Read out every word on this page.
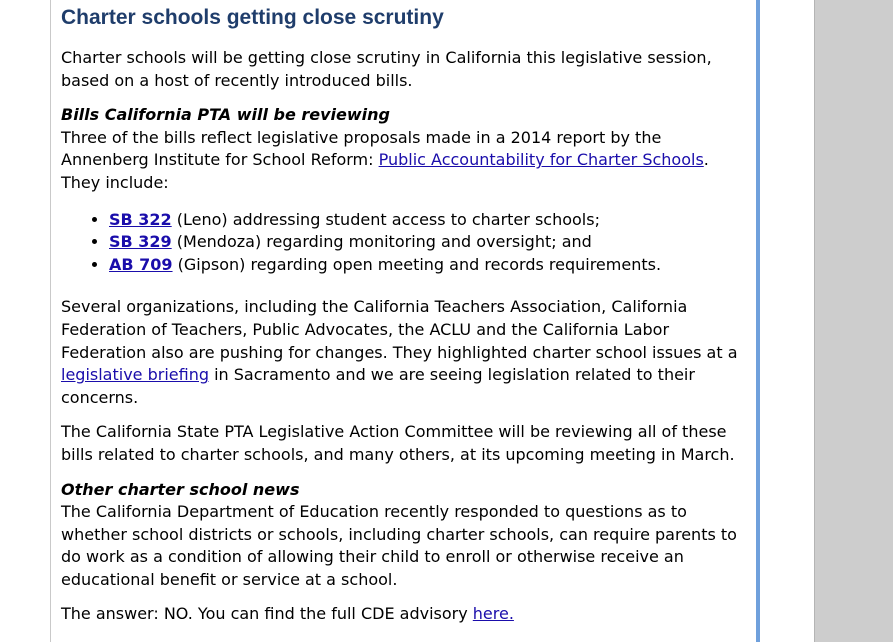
Charter schools getting close scrutiny

Charter schools will be getting close scrutiny in California this legislative session, based on a host of recently introduced bills.

Bills California PTA will be reviewing
Three of the bills reflect legislative proposals made in a 2014 report by the Annenberg Institute for School Reform: Public Accountability for Charter Schools. They include:
• SB 322 (Leno) addressing student access to charter schools;
• SB 329 (Mendoza) regarding monitoring and oversight; and
• AB 709 (Gipson) regarding open meeting and records requirements.

Several organizations, including the California Teachers Association, California Federation of Teachers, Public Advocates, the ACLU and the California Labor Federation also are pushing for changes. They highlighted charter school issues at a legislative briefing in Sacramento and we are seeing legislation related to their concerns.

The California State PTA Legislative Action Committee will be reviewing all of these bills related to charter schools, and many others, at its upcoming meeting in March.

Other charter school news

The California Department of Education recently responded to questions as to whether school districts or schools, including charter schools, can require parents to do work as a condition of allowing their child to enroll or otherwise receive an educational benefit or service at a school.

The answer: NO. You can find the full CDE advisory here.
